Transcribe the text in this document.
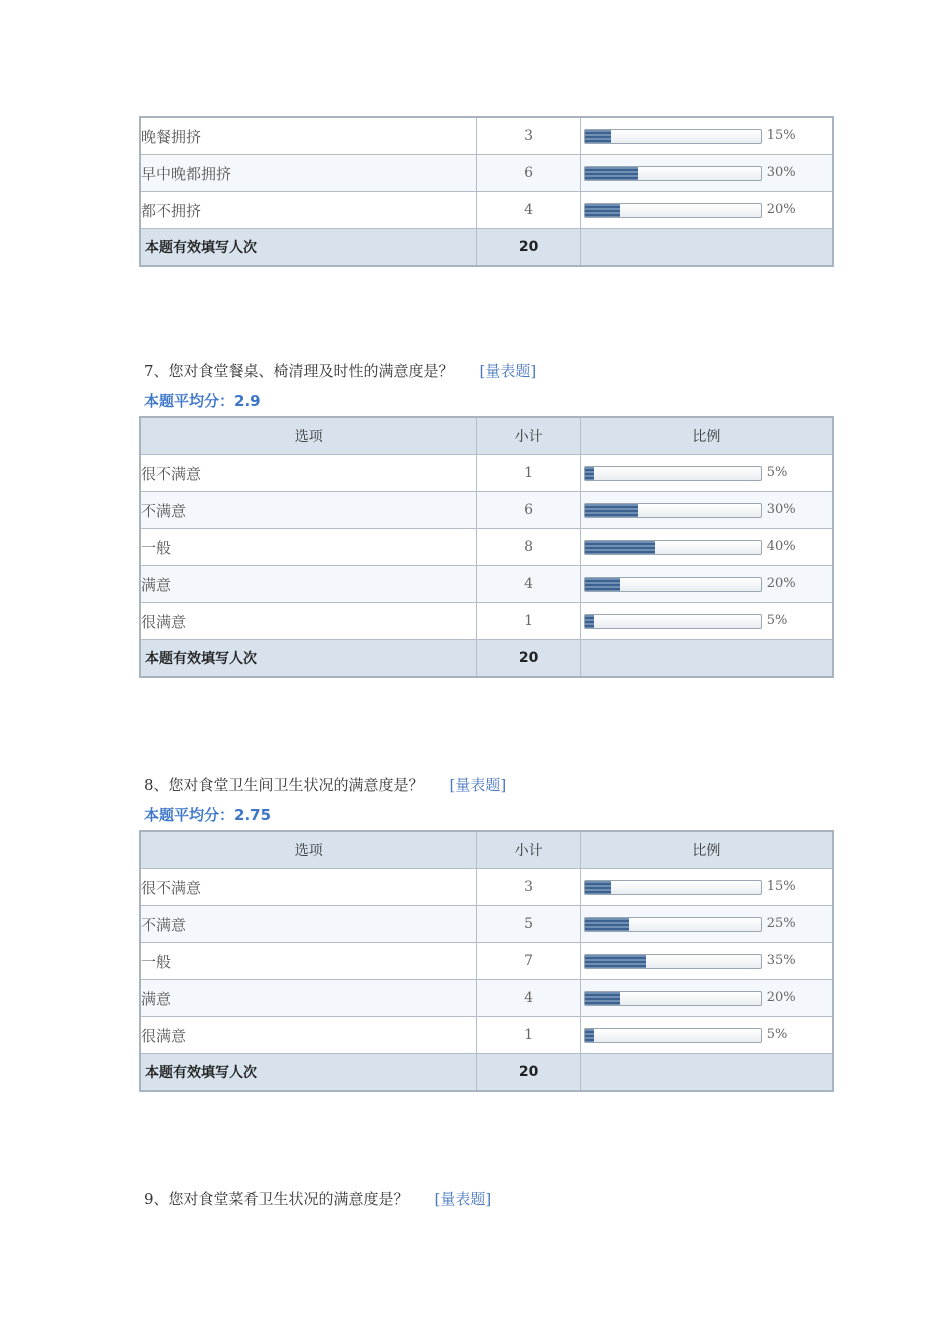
晚餐拥挤	3	15%

早中晚都拥挤	6	30%

都不拥挤	4	20%

本题有效填写人次	20	
7、您对食堂餐桌、椅清理及时性的满意度是？ [量表题]
本题平均分：2.9
选项	小计	比例
很不满意	1	5%

不满意	6	30%

一般	8	40%

满意	4	20%

很满意	1	5%

本题有效填写人次	20	
8、您对食堂卫生间卫生状况的满意度是？ [量表题]
本题平均分：2.75
选项	小计	比例
很不满意	3	15%

不满意	5	25%

一般	7	35%

满意	4	20%

很满意	1	5%

本题有效填写人次	20	
9、您对食堂菜肴卫生状况的满意度是？ [量表题]
